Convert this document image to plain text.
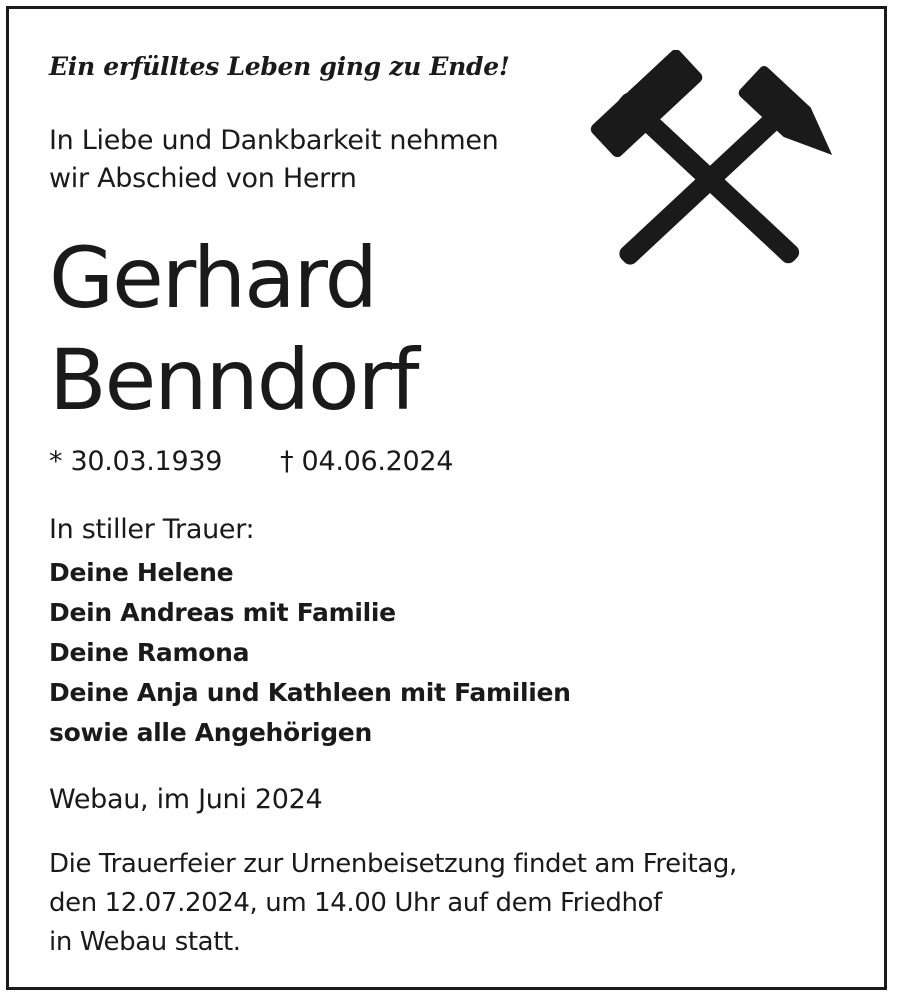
Ein erfülltes Leben ging zu Ende!
In Liebe und Dankbarkeit nehmen
wir Abschied von Herrn
Gerhard
Benndorf
* 30.03.1939 † 04.06.2024
In stiller Trauer:
Deine Helene
Dein Andreas mit Familie
Deine Ramona
Deine Anja und Kathleen mit Familien
sowie alle Angehörigen
Webau, im Juni 2024
Die Trauerfeier zur Urnenbeisetzung findet am Freitag,
den 12.07.2024, um 14.00 Uhr auf dem Friedhof
in Webau statt.
